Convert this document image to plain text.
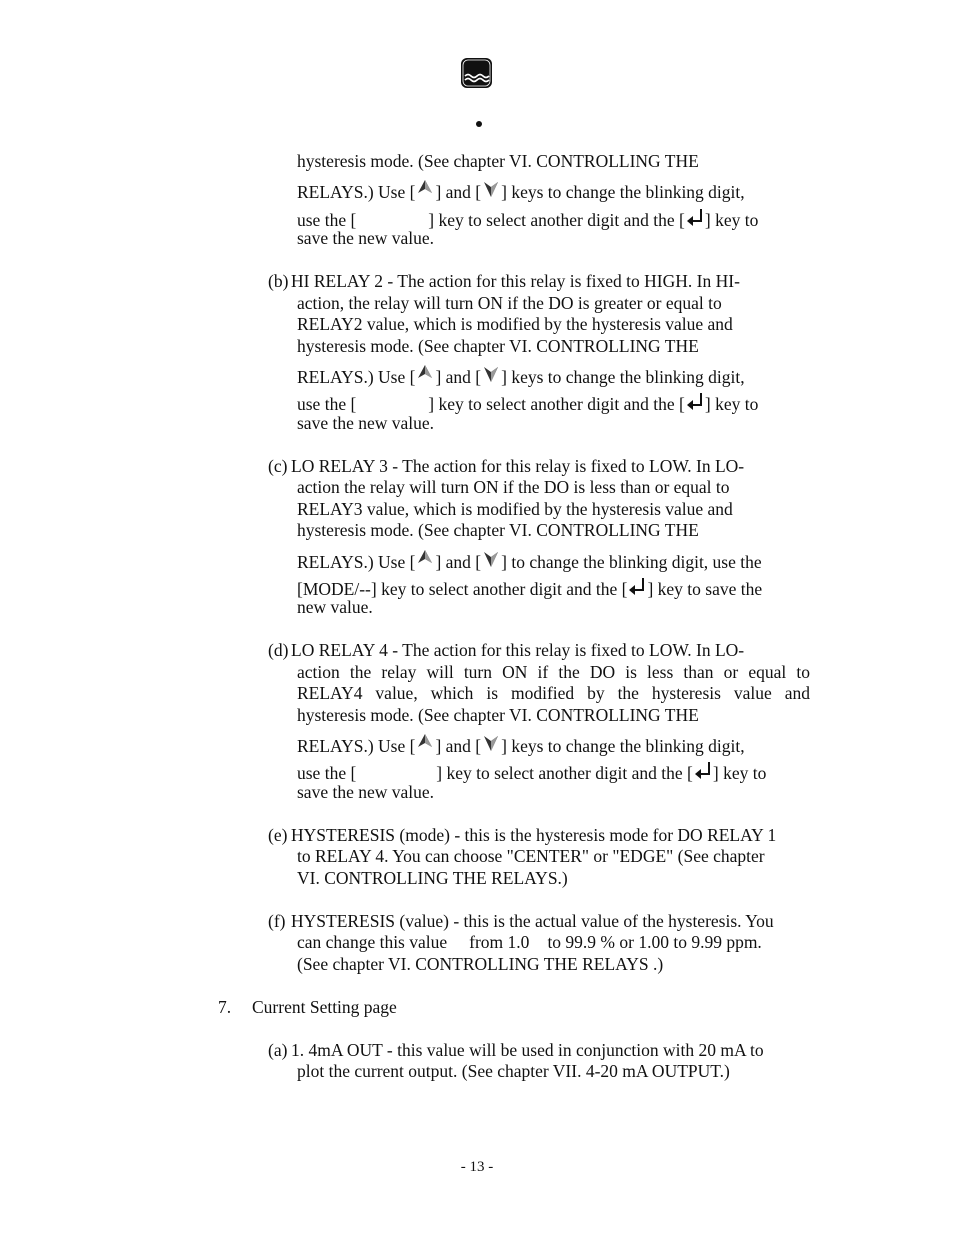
hysteresis mode. (See chapter VI. CONTROLLING THE
RELAYS.) Use [ ] and [ ] keys to change the blinking digit,
use the [	] key to select another digit and the [ ] key to
save the new value.
(b) HI RELAY 2 - The action for this relay is fixed to HIGH. In HI-
action, the relay will turn ON if the DO is greater or equal to
RELAY2 value, which is modified by the hysteresis value and
hysteresis mode. (See chapter VI. CONTROLLING THE
RELAYS.) Use [ ] and [ ] keys to change the blinking digit,
use the [	] key to select another digit and the [ ] key to
save the new value.
(c) LO RELAY 3 - The action for this relay is fixed to LOW. In LO-
action the relay will turn ON if the DO is less than or equal to
RELAY3 value, which is modified by the hysteresis value and
hysteresis mode. (See chapter VI. CONTROLLING THE
RELAYS.) Use [ ] and [ ] to change the blinking digit, use the
[MODE/--] key to select another digit and the [ ] key to save the
new value.
(d) LO RELAY 4 - The action for this relay is fixed to LOW. In LO-
action the relay will turn ON if the DO is less than or equal to
RELAY4 value, which is modified by the hysteresis value and
hysteresis mode. (See chapter VI. CONTROLLING THE
RELAYS.) Use [ ] and [ ] keys to change the blinking digit,
use the [	] key to select another digit and the [ ] key to
save the new value.
(e) HYSTERESIS (mode) - this is the hysteresis mode for DO RELAY 1
to RELAY 4. You can choose "CENTER" or "EDGE" (See chapter
VI. CONTROLLING THE RELAYS.)
(f) HYSTERESIS (value) - this is the actual value of the hysteresis. You
can change this value from 1.0 to 99.9 % or 1.00 to 9.99 ppm.
(See chapter VI. CONTROLLING THE RELAYS .)
7. Current Setting page
(a) 1. 4mA OUT - this value will be used in conjunction with 20 mA to
plot the current output. (See chapter VII. 4-20 mA OUTPUT.)
- 13 -
